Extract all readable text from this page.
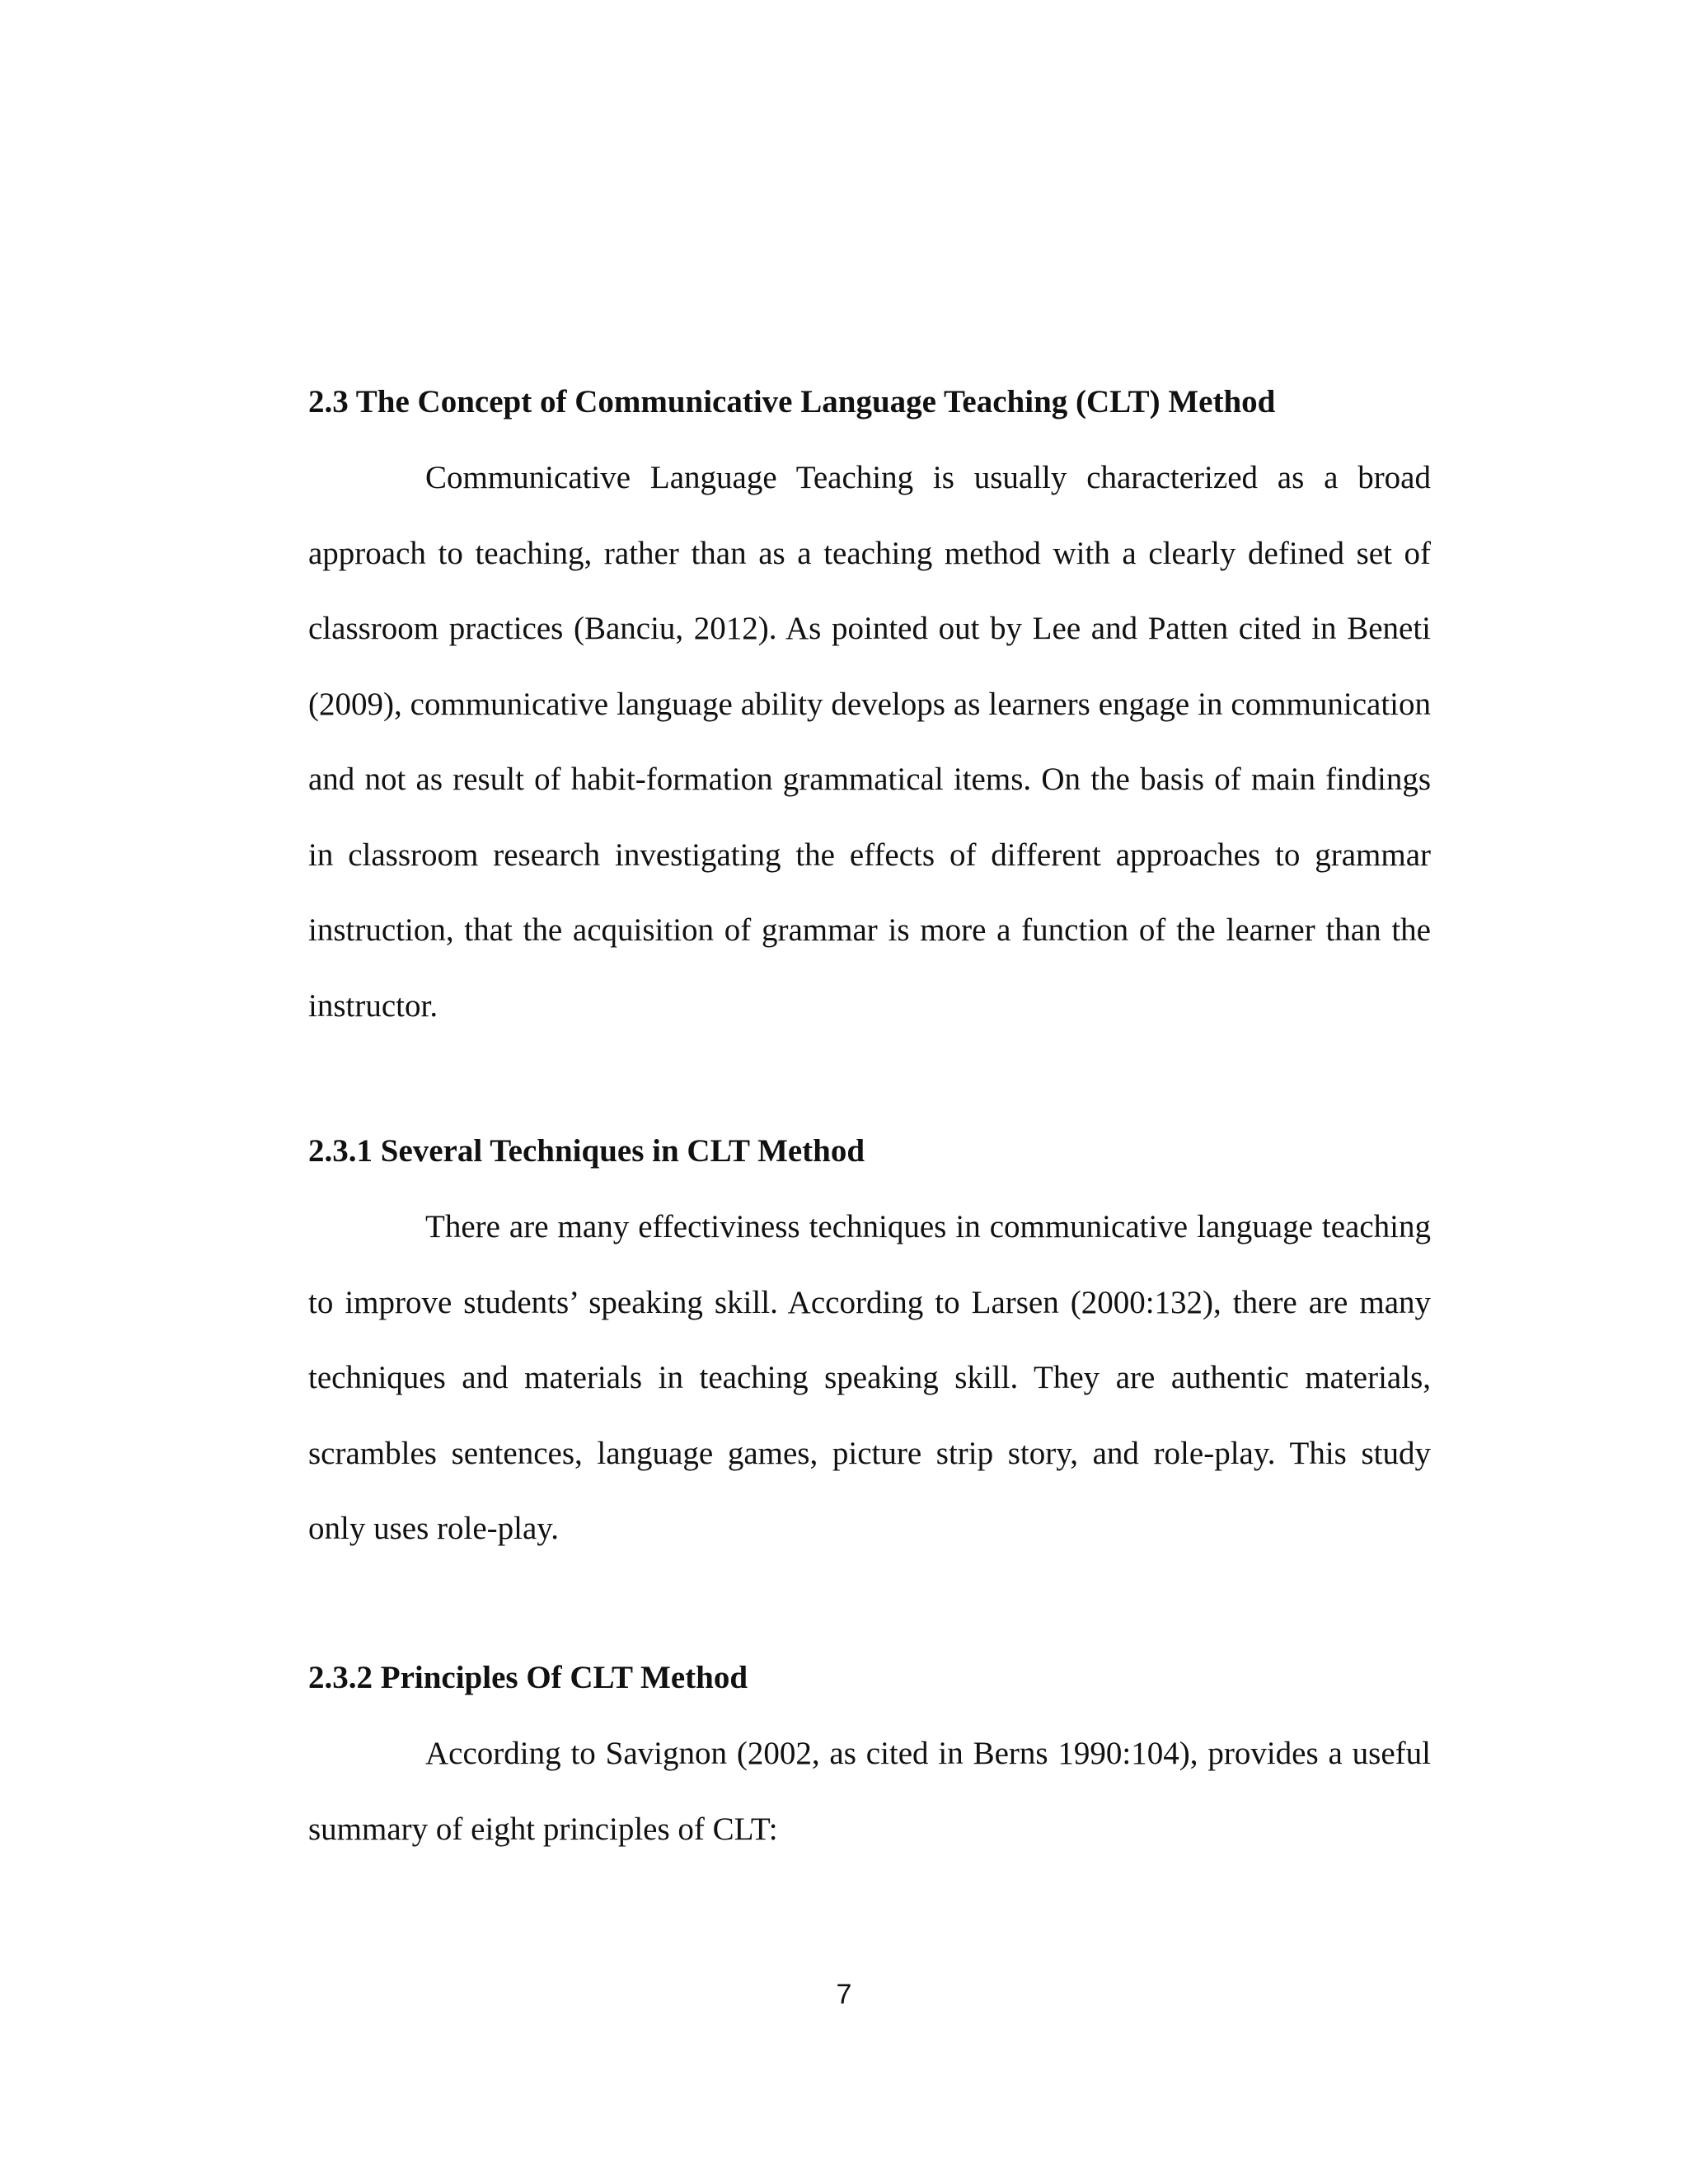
2.3 The Concept of Communicative Language Teaching (CLT) Method

Communicative Language Teaching is usually characterized as a broad approach to teaching, rather than as a teaching method with a clearly defined set of classroom practices (Banciu, 2012). As pointed out by Lee and Patten cited in Beneti (2009), communicative language ability develops as learners engage in communication and not as result of habit-formation grammatical items. On the basis of main findings in classroom research investigating the effects of different approaches to grammar instruction, that the acquisition of grammar is more a function of the learner than the instructor.

2.3.1 Several Techniques in CLT Method

There are many effectiviness techniques in communicative language teaching to improve students’ speaking skill. According to Larsen (2000:132), there are many techniques and materials in teaching speaking skill. They are authentic materials, scrambles sentences, language games, picture strip story, and role-play. This study only uses role-play.

2.3.2 Principles Of CLT Method

According to Savignon (2002, as cited in Berns 1990:104), provides a useful summary of eight principles of CLT:

7
